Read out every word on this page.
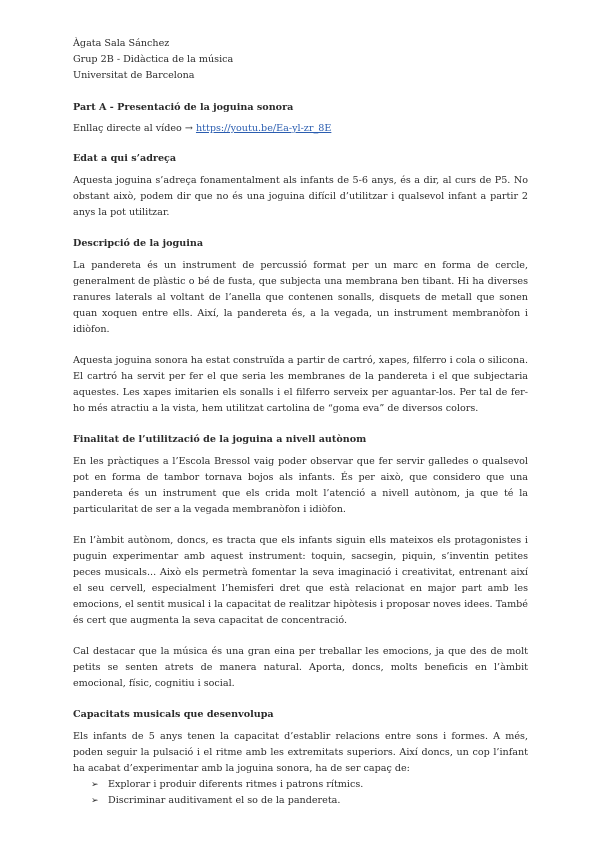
Àgata Sala Sánchez
Grup 2B - Didàctica de la música
Universitat de Barcelona

Part A - Presentació de la joguina sonora

Enllaç directe al vídeo → https://youtu.be/Ea-yl-zr_8E

Edat a qui s’adreça

Aquesta joguina s’adreça fonamentalment als infants de 5-6 anys, és a dir, al curs de P5. No obstant això, podem dir que no és una joguina difícil d’utilitzar i qualsevol infant a partir 2 anys la pot utilitzar.

Descripció de la joguina

La pandereta és un instrument de percussió format per un marc en forma de cercle, generalment de plàstic o bé de fusta, que subjecta una membrana ben tibant. Hi ha diverses ranures laterals al voltant de l’anella que contenen sonalls, disquets de metall que sonen quan xoquen entre ells. Així, la pandereta és, a la vegada, un instrument membranòfon i idiòfon.

Aquesta joguina sonora ha estat construïda a partir de cartró, xapes, filferro i cola o silicona. El cartró ha servit per fer el que seria les membranes de la pandereta i el que subjectaria aquestes. Les xapes imitarien els sonalls i el filferro serveix per aguantar-los. Per tal de fer-ho més atractiu a la vista, hem utilitzat cartolina de “goma eva” de diversos colors.

Finalitat de l’utilització de la joguina a nivell autònom

En les pràctiques a l’Escola Bressol vaig poder observar que fer servir galledes o qualsevol pot en forma de tambor tornava bojos als infants. És per això, que considero que una pandereta és un instrument que els crida molt l’atenció a nivell autònom, ja que té la particularitat de ser a la vegada membranòfon i idiòfon.

En l’àmbit autònom, doncs, es tracta que els infants siguin ells mateixos els protagonistes i puguin experimentar amb aquest instrument: toquin, sacsegin, piquin, s’inventin petites peces musicals... Això els permetrà fomentar la seva imaginació i creativitat, entrenant així el seu cervell, especialment l’hemisferi dret que està relacionat en major part amb les emocions, el sentit musical i la capacitat de realitzar hipòtesis i proposar noves idees. També és cert que augmenta la seva capacitat de concentració.

Cal destacar que la música és una gran eina per treballar les emocions, ja que des de molt petits se senten atrets de manera natural. Aporta, doncs, molts beneficis en l’àmbit emocional, físic, cognitiu i social.

Capacitats musicals que desenvolupa

Els infants de 5 anys tenen la capacitat d’establir relacions entre sons i formes. A més, poden seguir la pulsació i el ritme amb les extremitats superiors. Així doncs, un cop l’infant ha acabat d’experimentar amb la joguina sonora, ha de ser capaç de:

➢ Explorar i produir diferents ritmes i patrons rítmics.
➢ Discriminar auditivament el so de la pandereta.
